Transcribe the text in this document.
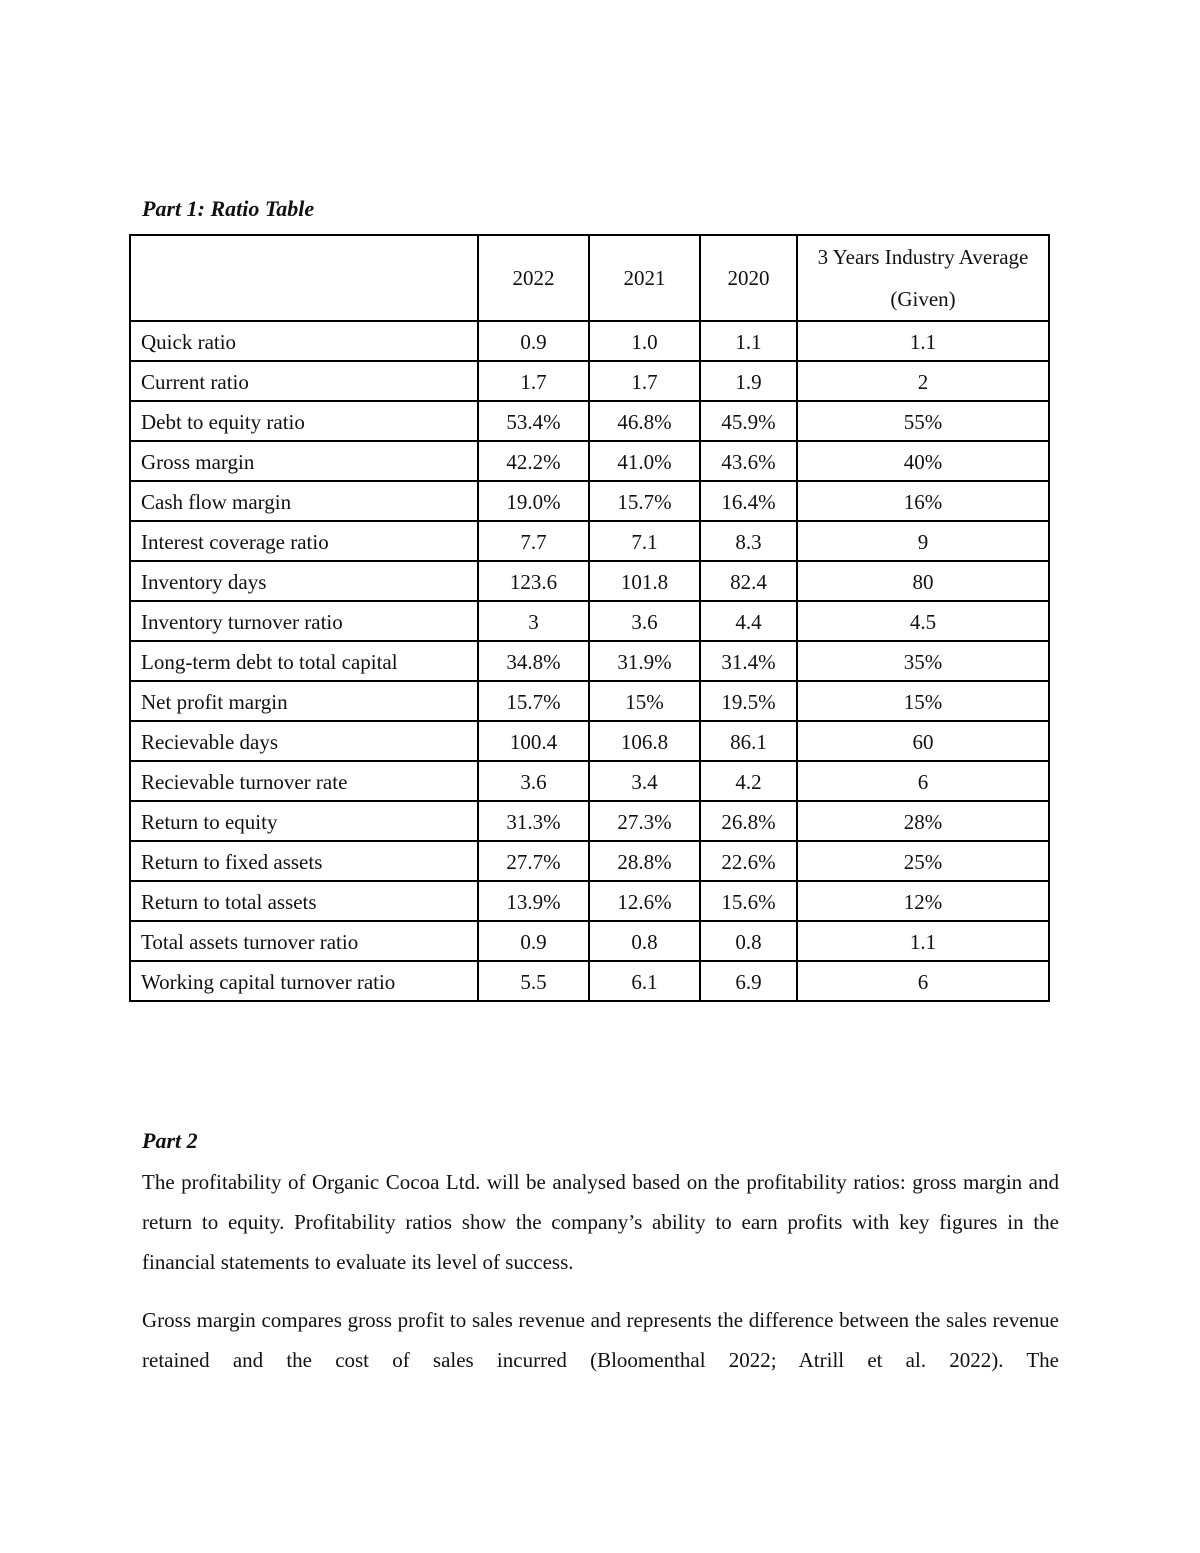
Part 1: Ratio Table
	2022	2021	2020	3 Years Industry Average (Given)
Quick ratio	0.9	1.0	1.1	1.1
Current ratio	1.7	1.7	1.9	2
Debt to equity ratio	53.4%	46.8%	45.9%	55%
Gross margin	42.2%	41.0%	43.6%	40%
Cash flow margin	19.0%	15.7%	16.4%	16%
Interest coverage ratio	7.7	7.1	8.3	9
Inventory days	123.6	101.8	82.4	80
Inventory turnover ratio	3	3.6	4.4	4.5
Long-term debt to total capital	34.8%	31.9%	31.4%	35%
Net profit margin	15.7%	15%	19.5%	15%
Recievable days	100.4	106.8	86.1	60
Recievable turnover rate	3.6	3.4	4.2	6
Return to equity	31.3%	27.3%	26.8%	28%
Return to fixed assets	27.7%	28.8%	22.6%	25%
Return to total assets	13.9%	12.6%	15.6%	12%
Total assets turnover ratio	0.9	0.8	0.8	1.1
Working capital turnover ratio	5.5	6.1	6.9	6
Part 2

The profitability of Organic Cocoa Ltd. will be analysed based on the profitability ratios: gross margin and return to equity. Profitability ratios show the company’s ability to earn profits with key figures in the financial statements to evaluate its level of success.

Gross margin compares gross profit to sales revenue and represents the difference between the sales revenue retained and the cost of sales incurred (Bloomenthal 2022; Atrill et al. 2022). The
